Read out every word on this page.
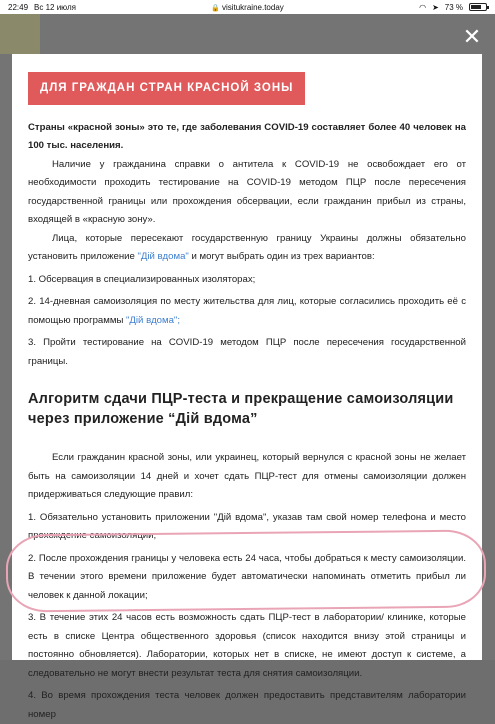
22:49 Вс 12 июля	🔒 visitukraine.today	◠ ➤ 73 %
✕
ДЛЯ ГРАЖДАН СТРАН КРАСНОЙ ЗОНЫ

Страны «красной зоны» это те, где заболевания COVID-19 составляет более 40 человек на 100 тыс. населения.

Наличие у гражданина справки о антитела к COVID-19 не освобождает его от необходимости проходить тестирование на COVID-19 методом ПЦР после пересечения государственной границы или прохождения обсервации, если гражданин прибыл из страны, входящей в «красную зону».

Лица, которые пересекают государственную границу Украины должны обязательно установить приложение "Дій вдома" и могут выбрать один из трех вариантов:

1. Обсервация в специализированных изоляторах;

2. 14-дневная самоизоляция по месту жительства для лиц, которые согласились проходить её с помощью программы "Дій вдома";

3. Пройти тестирование на COVID-19 методом ПЦР после пересечения государственной границы.

Алгоритм сдачи ПЦР-теста и прекращение самоизоляции через приложение “Дій вдома”

Если гражданин красной зоны, или украинец, который вернулся с красной зоны не желает быть на самоизоляции 14 дней и хочет сдать ПЦР-тест для отмены самоизоляции должен придерживаться следующие правил:

1. Обязательно установить приложении "Дій вдома", указав там свой номер телефона и место прохождение самоизоляции;

2. После прохождения границы у человека есть 24 часа, чтобы добраться к месту самоизоляции. В течении этого времени приложение будет автоматически напоминать отметить прибыл ли человек к данной локации;

3. В течение этих 24 часов есть возможность сдать ПЦР-тест в лаборатории/ клинике, которые есть в списке Центра общественного здоровья (список находится внизу этой страницы и постоянно обновляется). Лаборатории, которых нет в списке, не имеют доступ к системе, а следовательно не могут внести результат теста для снятия самоизоляции.

4. Во время прохождения теста человек должен предоставить представителям лаборатории номер
